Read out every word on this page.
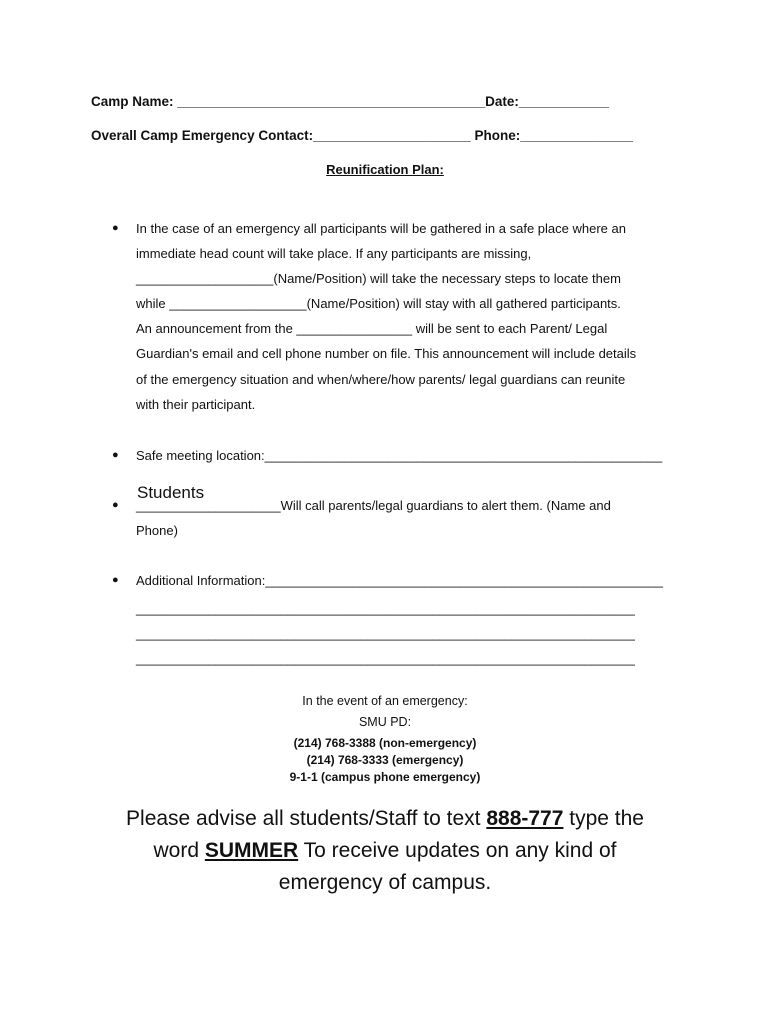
Camp Name: _________________________________________Date:____________
Overall Camp Emergency Contact:_____________________ Phone:_______________
Reunification Plan:
● In the case of an emergency all participants will be gathered in a safe place where an
immediate head count will take place. If any participants are missing,
___________________(Name/Position) will take the necessary steps to locate them
while ___________________(Name/Position) will stay with all gathered participants.
An announcement from the ________________ will be sent to each Parent/ Legal
Guardian's email and cell phone number on file. This announcement will include details
of the emergency situation and when/where/how parents/ legal guardians can reunite
with their participant.
● Safe meeting location:_______________________________________________________
Students
● ____________________Will call parents/legal guardians to alert them. (Name and
Phone)
● Additional Information:_______________________________________________________
_____________________________________________________________________
_____________________________________________________________________
_____________________________________________________________________
In the event of an emergency:
SMU PD:
(214) 768-3388 (non-emergency)
(214) 768-3333 (emergency)
9-1-1 (campus phone emergency)
Please advise all students/Staff to text 888-777 type the
word SUMMER To receive updates on any kind of
emergency of campus.
